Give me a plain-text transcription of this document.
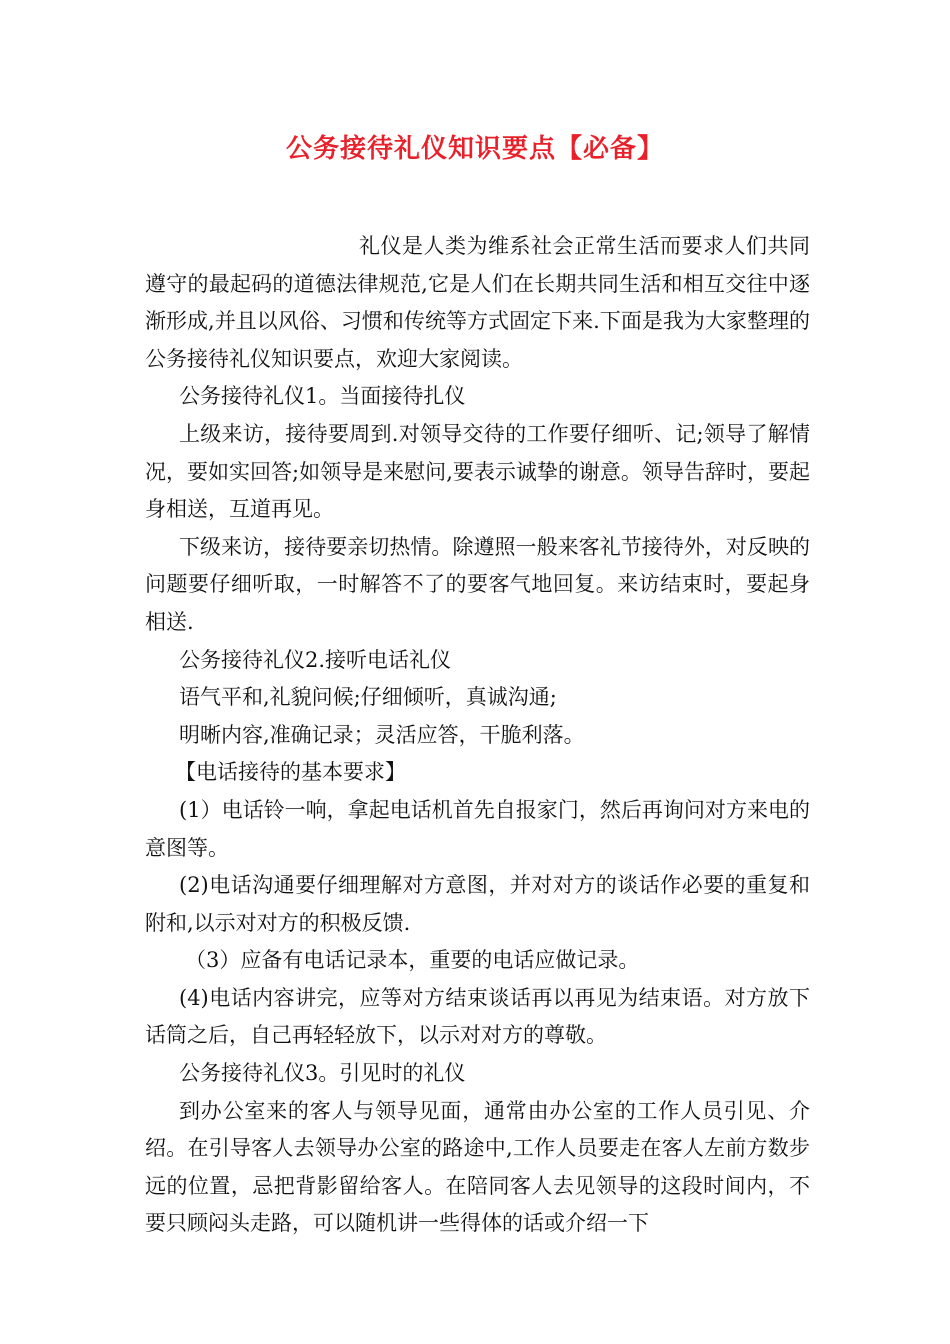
公务接待礼仪知识要点【必备】

礼仪是人类为维系社会正常生活而要求人们共同遵守的最起码的道德法律规范,它是人们在长期共同生活和相互交往中逐渐形成,并且以风俗、习惯和传统等方式固定下来.下面是我为大家整理的公务接待礼仪知识要点，欢迎大家阅读。

公务接待礼仪1。当面接待扎仪

上级来访，接待要周到.对领导交待的工作要仔细听、记;领导了解情况，要如实回答;如领导是来慰问,要表示诚挚的谢意。领导告辞时，要起身相送，互道再见。

下级来访，接待要亲切热情。除遵照一般来客礼节接待外，对反映的问题要仔细听取，一时解答不了的要客气地回复。来访结束时，要起身相送.

公务接待礼仪2.接听电话礼仪

语气平和,礼貌问候;仔细倾听，真诚沟通;

明晰内容,准确记录；灵活应答，干脆利落。

【电话接待的基本要求】

(1）电话铃一响，拿起电话机首先自报家门，然后再询问对方来电的意图等。

(2)电话沟通要仔细理解对方意图，并对对方的谈话作必要的重复和附和,以示对对方的积极反馈.

（3）应备有电话记录本，重要的电话应做记录。

(4)电话内容讲完，应等对方结束谈话再以再见为结束语。对方放下话筒之后，自己再轻轻放下，以示对对方的尊敬。

公务接待礼仪3。引见时的礼仪

到办公室来的客人与领导见面，通常由办公室的工作人员引见、介绍。在引导客人去领导办公室的路途中,工作人员要走在客人左前方数步远的位置，忌把背影留给客人。在陪同客人去见领导的这段时间内，不要只顾闷头走路，可以随机讲一些得体的话或介绍一下
